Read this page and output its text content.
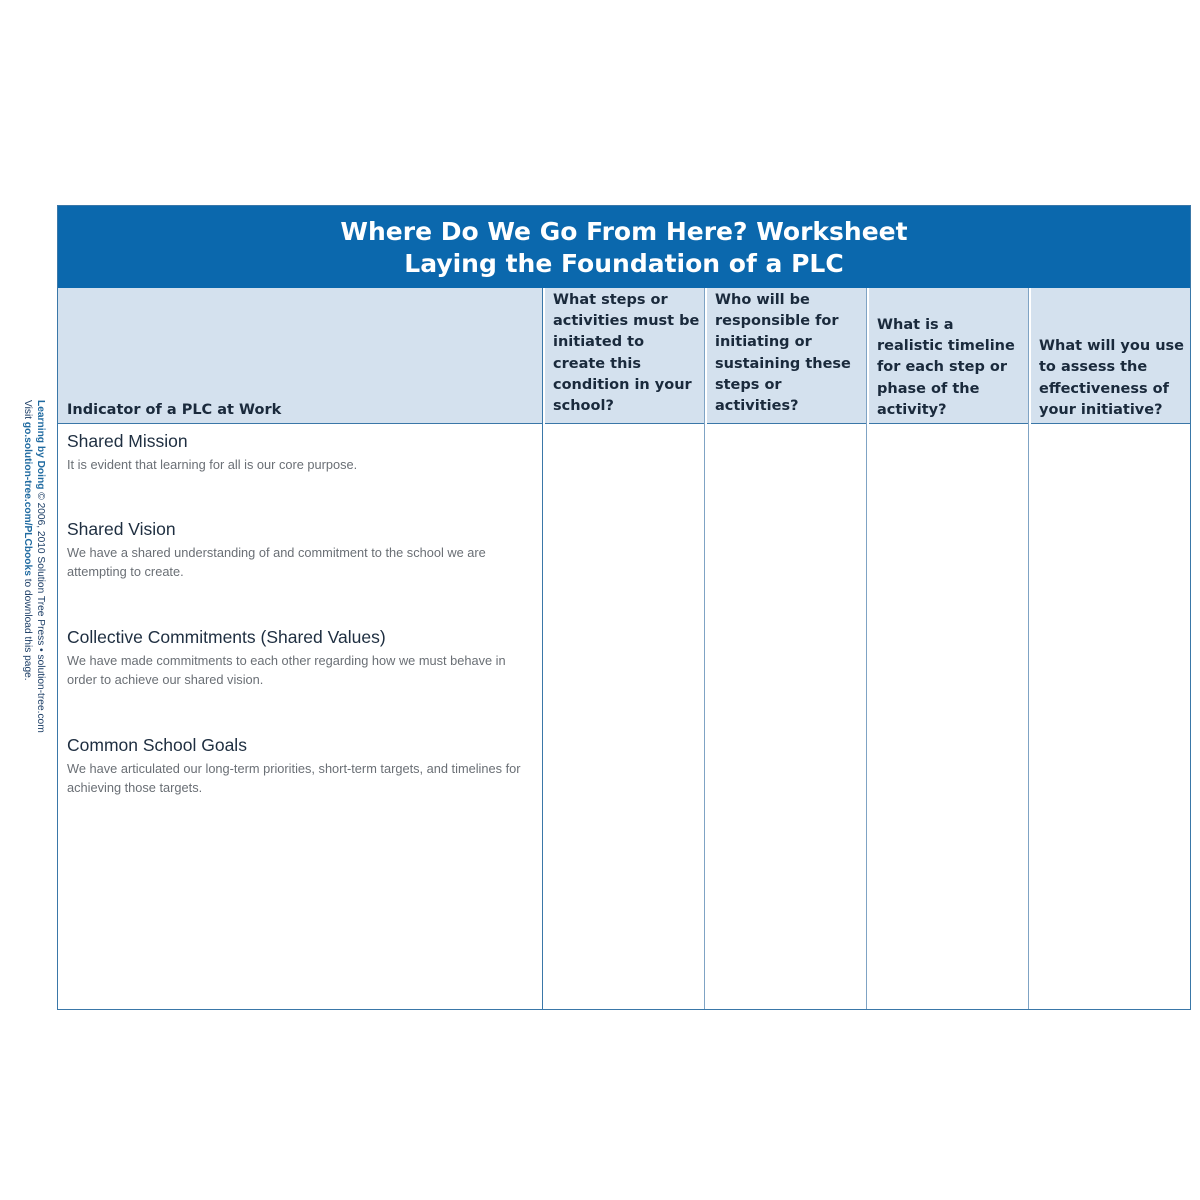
Learning by Doing © 2006, 2010 Solution Tree Press • solution-tree.com
Visit go.solution-tree.com/PLCbooks to download this page.
Where Do We Go From Here? Worksheet
Laying the Foundation of a PLC
Indicator of a PLC at Work
What steps or activities must be initiated to create this condition in your school?
Who will be responsible for initiating or sustaining these steps or activities?
What is a realistic timeline for each step or phase of the activity?
What will you use to assess the effectiveness of your initiative?
Shared Mission
It is evident that learning for all is our core purpose.
Shared Vision
We have a shared understanding of and commitment to the school we are attempting to create.
Collective Commitments (Shared Values)
We have made commitments to each other regarding how we must behave in order to achieve our shared vision.
Common School Goals
We have articulated our long-term priorities, short-term targets, and timelines for achieving those targets.
